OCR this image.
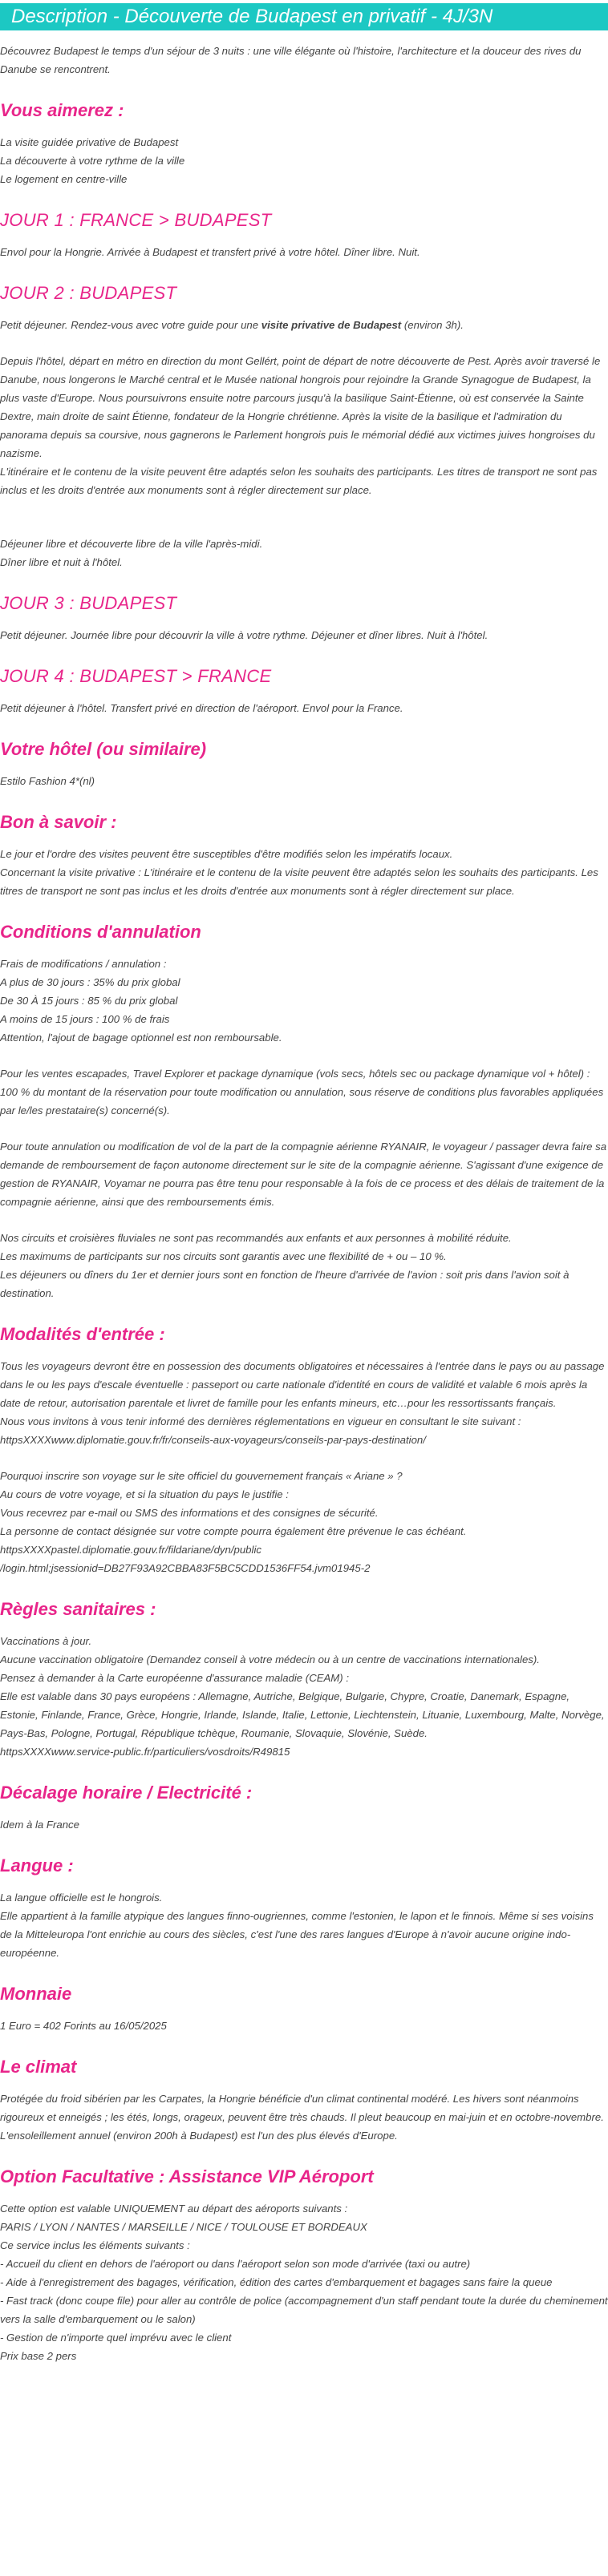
Description - Découverte de Budapest en privatif - 4J/3N

Découvrez Budapest le temps d'un séjour de 3 nuits : une ville élégante où l'histoire, l'architecture et la douceur des rives du Danube se rencontrent.

Vous aimerez :
La visite guidée privative de Budapest
La découverte à votre rythme de la ville
Le logement en centre-ville
JOUR 1 : FRANCE > BUDAPEST

Envol pour la Hongrie. Arrivée à Budapest et transfert privé à votre hôtel. Dîner libre. Nuit.

JOUR 2 : BUDAPEST

Petit déjeuner. Rendez-vous avec votre guide pour une visite privative de Budapest (environ 3h).

Depuis l'hôtel, départ en métro en direction du mont Gellért, point de départ de notre découverte de Pest. Après avoir traversé le Danube, nous longerons le Marché central et le Musée national hongrois pour rejoindre la Grande Synagogue de Budapest, la plus vaste d'Europe. Nous poursuivrons ensuite notre parcours jusqu'à la basilique Saint-Étienne, où est conservée la Sainte Dextre, main droite de saint Étienne, fondateur de la Hongrie chrétienne. Après la visite de la basilique et l'admiration du panorama depuis sa coursive, nous gagnerons le Parlement hongrois puis le mémorial dédié aux victimes juives hongroises du nazisme.

L'itinéraire et le contenu de la visite peuvent être adaptés selon les souhaits des participants. Les titres de transport ne sont pas inclus et les droits d'entrée aux monuments sont à régler directement sur place.

Déjeuner libre et découverte libre de la ville l'après-midi.

Dîner libre et nuit à l'hôtel.

JOUR 3 : BUDAPEST

Petit déjeuner. Journée libre pour découvrir la ville à votre rythme. Déjeuner et dîner libres. Nuit à l'hôtel.

JOUR 4 : BUDAPEST > FRANCE

Petit déjeuner à l'hôtel. Transfert privé en direction de l'aéroport. Envol pour la France.

Votre hôtel (ou similaire)

Estilo Fashion 4*(nl)

Bon à savoir :

Le jour et l'ordre des visites peuvent être susceptibles d'être modifiés selon les impératifs locaux.

Concernant la visite privative : L'itinéraire et le contenu de la visite peuvent être adaptés selon les souhaits des participants. Les titres de transport ne sont pas inclus et les droits d'entrée aux monuments sont à régler directement sur place.

Conditions d'annulation
Frais de modifications / annulation :
A plus de 30 jours : 35% du prix global
De 30 À 15 jours : 85 % du prix global
A moins de 15 jours : 100 % de frais
Attention, l'ajout de bagage optionnel est non remboursable.

Pour les ventes escapades, Travel Explorer et package dynamique (vols secs, hôtels sec ou package dynamique vol + hôtel) : 100 % du montant de la réservation pour toute modification ou annulation, sous réserve de conditions plus favorables appliquées par le/les prestataire(s) concerné(s).

Pour toute annulation ou modification de vol de la part de la compagnie aérienne RYANAIR, le voyageur / passager devra faire sa demande de remboursement de façon autonome directement sur le site de la compagnie aérienne. S'agissant d'une exigence de gestion de RYANAIR, Voyamar ne pourra pas être tenu pour responsable à la fois de ce process et des délais de traitement de la compagnie aérienne, ainsi que des remboursements émis.

Nos circuits et croisières fluviales ne sont pas recommandés aux enfants et aux personnes à mobilité réduite.

Les maximums de participants sur nos circuits sont garantis avec une flexibilité de + ou – 10 %.

Les déjeuners ou dîners du 1er et dernier jours sont en fonction de l'heure d'arrivée de l'avion : soit pris dans l'avion soit à destination.

Modalités d'entrée :

Tous les voyageurs devront être en possession des documents obligatoires et nécessaires à l'entrée dans le pays ou au passage dans le ou les pays d'escale éventuelle : passeport ou carte nationale d'identité en cours de validité et valable 6 mois après la date de retour, autorisation parentale et livret de famille pour les enfants mineurs, etc…pour les ressortissants français.

Nous vous invitons à vous tenir informé des dernières réglementations en vigueur en consultant le site suivant : httpsXXXXwww.diplomatie.gouv.fr/fr/conseils-aux-voyageurs/conseils-par-pays-destination/

Pourquoi inscrire son voyage sur le site officiel du gouvernement français « Ariane » ?

Au cours de votre voyage, et si la situation du pays le justifie :

Vous recevrez par e-mail ou SMS des informations et des consignes de sécurité.

La personne de contact désignée sur votre compte pourra également être prévenue le cas échéant.

httpsXXXXpastel.diplomatie.gouv.fr/fildariane/dyn/public

/login.html;jsessionid=DB27F93A92CBBA83F5BC5CDD1536FF54.jvm01945-2

Règles sanitaires :

Vaccinations à jour.

Aucune vaccination obligatoire (Demandez conseil à votre médecin ou à un centre de vaccinations internationales).

Pensez à demander à la Carte européenne d'assurance maladie (CEAM) :

Elle est valable dans 30 pays européens : Allemagne, Autriche, Belgique, Bulgarie, Chypre, Croatie, Danemark, Espagne, Estonie, Finlande, France, Grèce, Hongrie, Irlande, Islande, Italie, Lettonie, Liechtenstein, Lituanie, Luxembourg, Malte, Norvège, Pays-Bas, Pologne, Portugal, République tchèque, Roumanie, Slovaquie, Slovénie, Suède.

httpsXXXXwww.service-public.fr/particuliers/vosdroits/R49815

Décalage horaire / Electricité :

Idem à la France

Langue :

La langue officielle est le hongrois.

Elle appartient à la famille atypique des langues finno-ougriennes, comme l'estonien, le lapon et le finnois. Même si ses voisins de la Mitteleuropa l'ont enrichie au cours des siècles, c'est l'une des rares langues d'Europe à n'avoir aucune origine indo-européenne.

Monnaie

1 Euro = 402 Forints au 16/05/2025

Le climat

Protégée du froid sibérien par les Carpates, la Hongrie bénéficie d'un climat continental modéré. Les hivers sont néanmoins rigoureux et enneigés ; les étés, longs, orageux, peuvent être très chauds. Il pleut beaucoup en mai-juin et en octobre-novembre. L'ensoleillement annuel (environ 200h à Budapest) est l'un des plus élevés d'Europe.

Option Facultative : Assistance VIP Aéroport
Cette option est valable UNIQUEMENT au départ des aéroports suivants :
PARIS / LYON / NANTES / MARSEILLE / NICE / TOULOUSE ET BORDEAUX
Ce service inclus les éléments suivants :
- Accueil du client en dehors de l'aéroport ou dans l'aéroport selon son mode d'arrivée (taxi ou autre)
- Aide à l'enregistrement des bagages, vérification, édition des cartes d'embarquement et bagages sans faire la queue
- Fast track (donc coupe file) pour aller au contrôle de police (accompagnement d'un staff pendant toute la durée du cheminement vers la salle d'embarquement ou le salon)
- Gestion de n'importe quel imprévu avec le client
Prix base 2 pers
